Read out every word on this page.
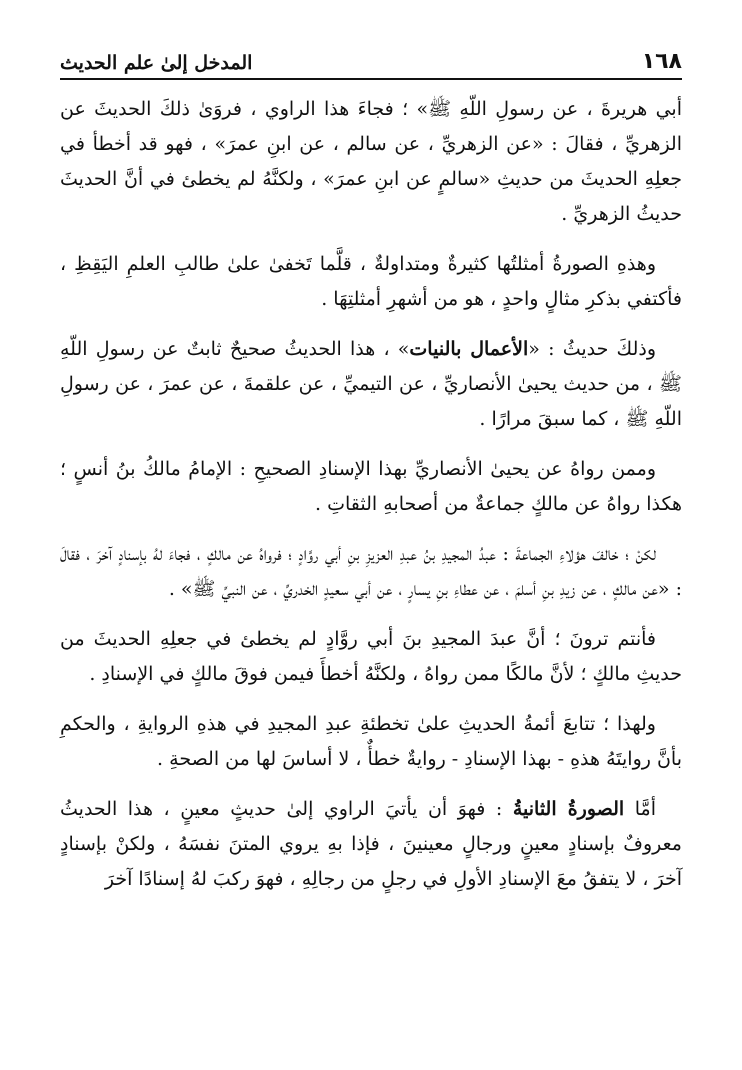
١٦٨
المدخل إلىٰ علم الحديث

أبي هريرةَ ، عن رسولِ اللّهِ ﷺ» ؛ فجاءَ هذا الراوي ، فروَىٰ ذلكَ الحديثَ عن الزهريِّ ، فقالَ : «عن الزهريِّ ، عن سالم ، عن ابنِ عمرَ» ، فهو قد أخطأ في جعلِهِ الحديثَ من حديثِ «سالمٍ عن ابنِ عمرَ» ، ولكنَّهُ لم يخطئ في أنَّ الحديثَ حديثُ الزهريِّ .

وهذهِ الصورةُ أمثلتُها كثيرةٌ ومتداولةٌ ، قلَّما تَخفىٰ علىٰ طالبِ العلمِ اليَقِظِ ، فأكتفي بذكرِ مثالٍ واحدٍ ، هو من أشهرِ أمثلتِهَا .

وذلكَ حديثُ : «الأعمال بالنيات» ، هذا الحديثُ صحيحٌ ثابتٌ عن رسولِ اللّهِ ﷺ ، من حديث يحيىٰ الأنصاريِّ ، عن التيميِّ ، عن علقمةَ ، عن عمرَ ، عن رسولِ اللّهِ ﷺ ، كما سبقَ مرارًا .

وممن رواهُ عن يحيىٰ الأنصاريِّ بهذا الإسنادِ الصحيحِ : الإمامُ مالكُ بنُ أنسٍ ؛ هكذا رواهُ عن مالكٍ جماعةٌ من أصحابهِ الثقاتِ .

لكنْ ؛ خالفَ هؤلاءِ الجماعةَ : عبدُ المجيدِ بنُ عبدِ العزيزِ بنِ أبي روَّادٍ ؛ فرواهُ عن مالكٍ ، فجاءَ لهُ بإسنادٍ آخرَ ، فقالَ : «عن مالكٍ ، عن زيدِ بنِ أسلمَ ، عن عطاءِ بنِ يسارٍ ، عن أبي سعيدٍ الخدريِّ ، عن النبيِّ ﷺ» .

فأنتم ترونَ ؛ أنَّ عبدَ المجيدِ بنَ أبي روَّادٍ لم يخطئ في جعلِهِ الحديثَ من حديثِ مالكٍ ؛ لأنَّ مالكًا ممن رواهُ ، ولكنَّهُ أخطأَ فيمن فوقَ مالكٍ في الإسنادِ .

ولهذا ؛ تتابعَ أئمةُ الحديثِ علىٰ تخطئةِ عبدِ المجيدِ في هذهِ الروايةِ ، والحكمِ بأنَّ روايتَهُ هذهِ - بهذا الإسنادِ - روايةٌ خطأٌ ، لا أساسَ لها من الصحةِ .

أمَّا الصورةُ الثانيةُ : فهوَ أن يأتيَ الراوي إلىٰ حديثٍ معينٍ ، هذا الحديثُ معروفٌ بإسنادٍ معينٍ ورجالٍ معينينَ ، فإذا بهِ يروي المتنَ نفسَهُ ، ولكنْ بإسنادٍ آخرَ ، لا يتفقُ معَ الإسنادِ الأولِ في رجلٍ من رجالِهِ ، فهوَ ركبَ لهُ إسنادًا آخرَ
